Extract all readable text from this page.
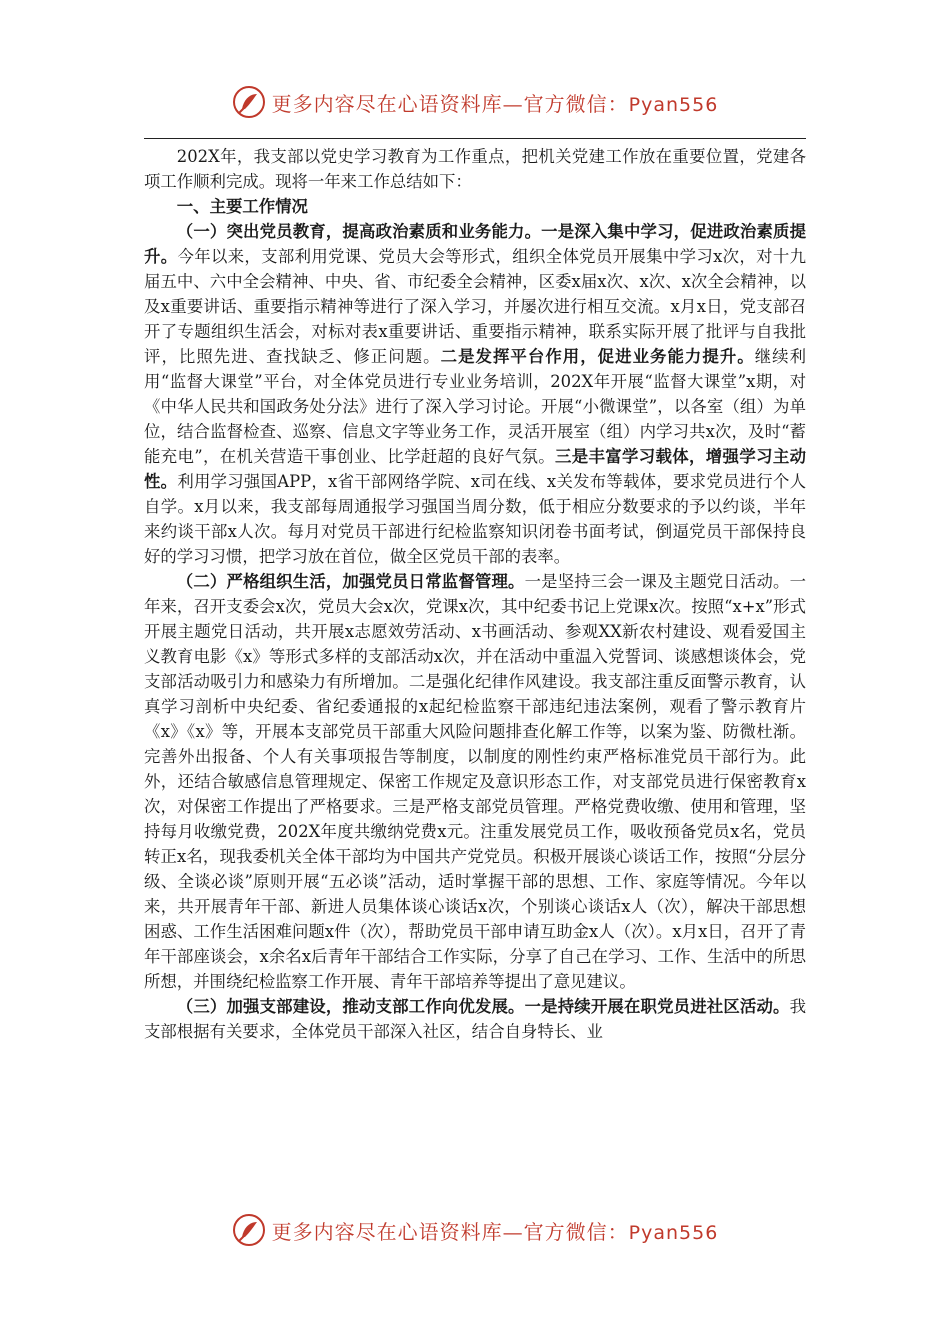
更多内容尽在心语资料库—官方微信：Pyan556

202X年，我支部以党史学习教育为工作重点，把机关党建工作放在重要位置，党建各项工作顺利完成。现将一年来工作总结如下：

一、主要工作情况

（一）突出党员教育，提高政治素质和业务能力。一是深入集中学习，促进政治素质提升。今年以来，支部利用党课、党员大会等形式，组织全体党员开展集中学习x次，对十九届五中、六中全会精神、中央、省、市纪委全会精神，区委x届x次、x次、x次全会精神，以及x重要讲话、重要指示精神等进行了深入学习，并屡次进行相互交流。x月x日，党支部召开了专题组织生活会，对标对表x重要讲话、重要指示精神，联系实际开展了批评与自我批评，比照先进、查找缺乏、修正问题。二是发挥平台作用，促进业务能力提升。继续利用“监督大课堂”平台，对全体党员进行专业业务培训，202X年开展“监督大课堂”x期，对《中华人民共和国政务处分法》进行了深入学习讨论。开展“小微课堂”，以各室（组）为单位，结合监督检查、巡察、信息文字等业务工作，灵活开展室（组）内学习共x次，及时“蓄能充电”，在机关营造干事创业、比学赶超的良好气氛。三是丰富学习载体，增强学习主动性。利用学习强国APP，x省干部网络学院、x司在线、x关发布等载体，要求党员进行个人自学。x月以来，我支部每周通报学习强国当周分数，低于相应分数要求的予以约谈，半年来约谈干部x人次。每月对党员干部进行纪检监察知识闭卷书面考试，倒逼党员干部保持良好的学习习惯，把学习放在首位，做全区党员干部的表率。

（二）严格组织生活，加强党员日常监督管理。一是坚持三会一课及主题党日活动。一年来，召开支委会x次，党员大会x次，党课x次，其中纪委书记上党课x次。按照“x+x”形式开展主题党日活动，共开展x志愿效劳活动、x书画活动、参观XX新农村建设、观看爱国主义教育电影《x》等形式多样的支部活动x次，并在活动中重温入党誓词、谈感想谈体会，党支部活动吸引力和感染力有所增加。二是强化纪律作风建设。我支部注重反面警示教育，认真学习剖析中央纪委、省纪委通报的x起纪检监察干部违纪违法案例，观看了警示教育片《x》《x》等，开展本支部党员干部重大风险问题排查化解工作等，以案为鉴、防微杜渐。完善外出报备、个人有关事项报告等制度，以制度的刚性约束严格标准党员干部行为。此外，还结合敏感信息管理规定、保密工作规定及意识形态工作，对支部党员进行保密教育x次，对保密工作提出了严格要求。三是严格支部党员管理。严格党费收缴、使用和管理，坚持每月收缴党费，202X年度共缴纳党费x元。注重发展党员工作，吸收预备党员x名，党员转正x名，现我委机关全体干部均为中国共产党党员。积极开展谈心谈话工作，按照“分层分级、全谈必谈”原则开展“五必谈”活动，适时掌握干部的思想、工作、家庭等情况。今年以来，共开展青年干部、新进人员集体谈心谈话x次，个别谈心谈话x人（次），解决干部思想困惑、工作生活困难问题x件（次），帮助党员干部申请互助金x人（次）。x月x日，召开了青年干部座谈会，x余名x后青年干部结合工作实际，分享了自己在学习、工作、生活中的所思所想，并围绕纪检监察工作开展、青年干部培养等提出了意见建议。

（三）加强支部建设，推动支部工作向优发展。一是持续开展在职党员进社区活动。我支部根据有关要求，全体党员干部深入社区，结合自身特长、业

更多内容尽在心语资料库—官方微信：Pyan556
